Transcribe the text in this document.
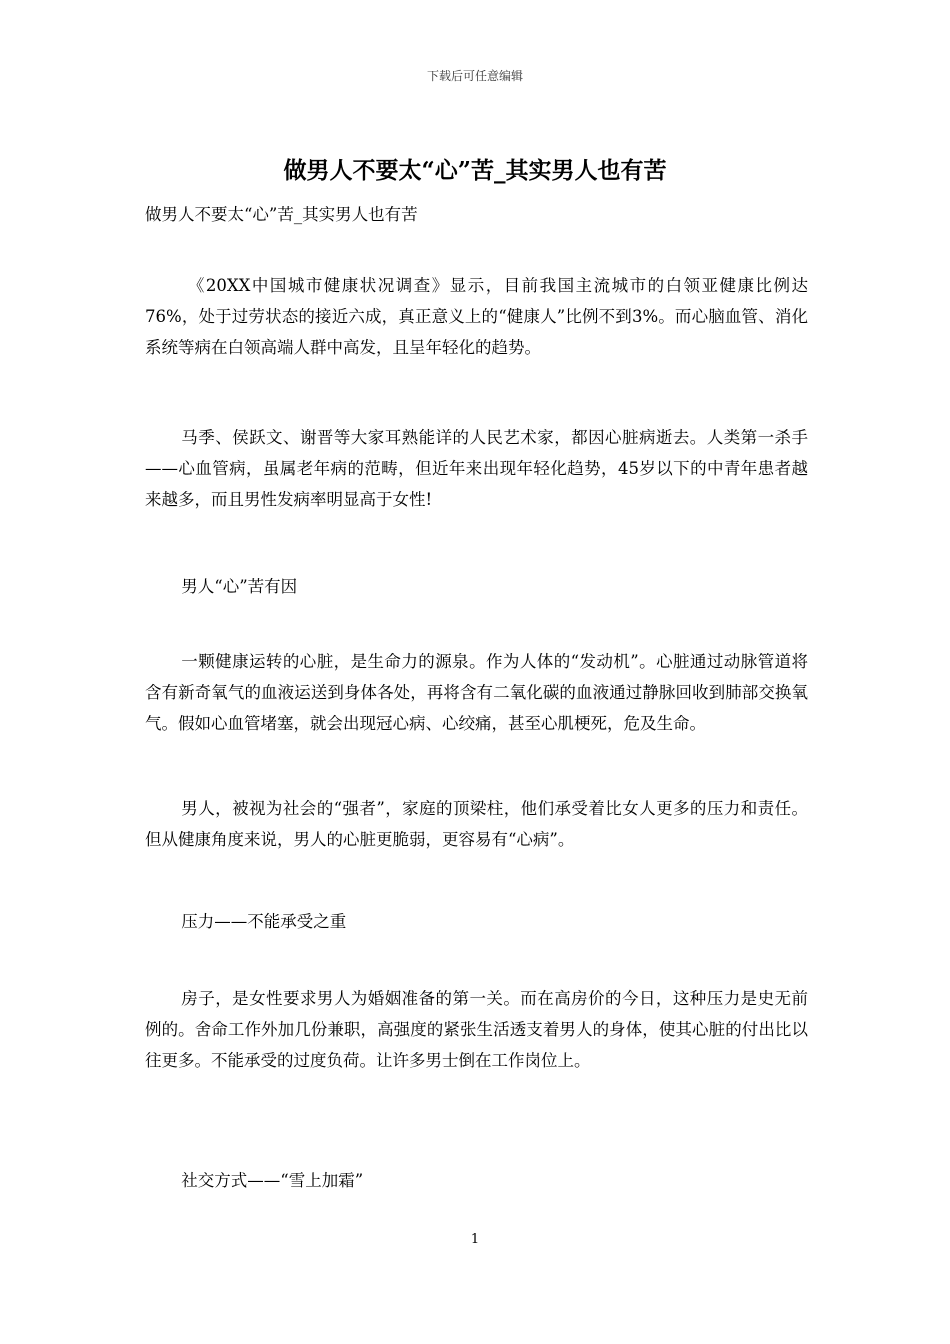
下载后可任意编辑
做男人不要太“心”苦_其实男人也有苦
做男人不要太“心”苦_其实男人也有苦
《20XX中国城市健康状况调查》显示，目前我国主流城市的白领亚健康比例达76%，处于过劳状态的接近六成，真正意义上的“健康人”比例不到3%。而心脑血管、消化系统等病在白领高端人群中高发，且呈年轻化的趋势。
马季、侯跃文、谢晋等大家耳熟能详的人民艺术家，都因心脏病逝去。人类第一杀手——心血管病，虽属老年病的范畴，但近年来出现年轻化趋势，45岁以下的中青年患者越来越多，而且男性发病率明显高于女性!
男人“心”苦有因
一颗健康运转的心脏，是生命力的源泉。作为人体的“发动机”。心脏通过动脉管道将含有新奇氧气的血液运送到身体各处，再将含有二氧化碳的血液通过静脉回收到肺部交换氧气。假如心血管堵塞，就会出现冠心病、心绞痛，甚至心肌梗死，危及生命。
男人，被视为社会的“强者”，家庭的顶梁柱，他们承受着比女人更多的压力和责任。但从健康角度来说，男人的心脏更脆弱，更容易有“心病”。
压力——不能承受之重
房子，是女性要求男人为婚姻准备的第一关。而在高房价的今日，这种压力是史无前例的。舍命工作外加几份兼职，高强度的紧张生活透支着男人的身体，使其心脏的付出比以往更多。不能承受的过度负荷。让许多男士倒在工作岗位上。
社交方式——“雪上加霜”
1
